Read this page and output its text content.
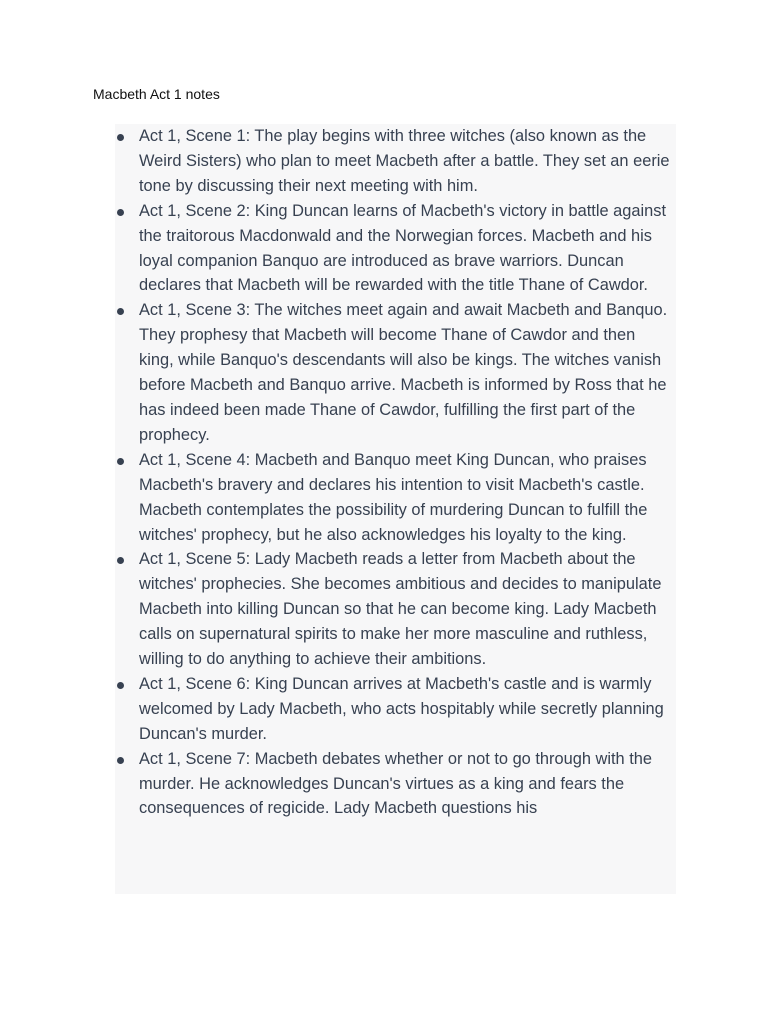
Macbeth Act 1 notes
Act 1, Scene 1: The play begins with three witches (also known as the Weird Sisters) who plan to meet Macbeth after a battle. They set an eerie tone by discussing their next meeting with him.
Act 1, Scene 2: King Duncan learns of Macbeth's victory in battle against the traitorous Macdonwald and the Norwegian forces. Macbeth and his loyal companion Banquo are introduced as brave warriors. Duncan declares that Macbeth will be rewarded with the title Thane of Cawdor.
Act 1, Scene 3: The witches meet again and await Macbeth and Banquo. They prophesy that Macbeth will become Thane of Cawdor and then king, while Banquo's descendants will also be kings. The witches vanish before Macbeth and Banquo arrive. Macbeth is informed by Ross that he has indeed been made Thane of Cawdor, fulfilling the first part of the prophecy.
Act 1, Scene 4: Macbeth and Banquo meet King Duncan, who praises Macbeth's bravery and declares his intention to visit Macbeth's castle. Macbeth contemplates the possibility of murdering Duncan to fulfill the witches' prophecy, but he also acknowledges his loyalty to the king.
Act 1, Scene 5: Lady Macbeth reads a letter from Macbeth about the witches' prophecies. She becomes ambitious and decides to manipulate Macbeth into killing Duncan so that he can become king. Lady Macbeth calls on supernatural spirits to make her more masculine and ruthless, willing to do anything to achieve their ambitions.
Act 1, Scene 6: King Duncan arrives at Macbeth's castle and is warmly welcomed by Lady Macbeth, who acts hospitably while secretly planning Duncan's murder.
Act 1, Scene 7: Macbeth debates whether or not to go through with the murder. He acknowledges Duncan's virtues as a king and fears the consequences of regicide. Lady Macbeth questions his
